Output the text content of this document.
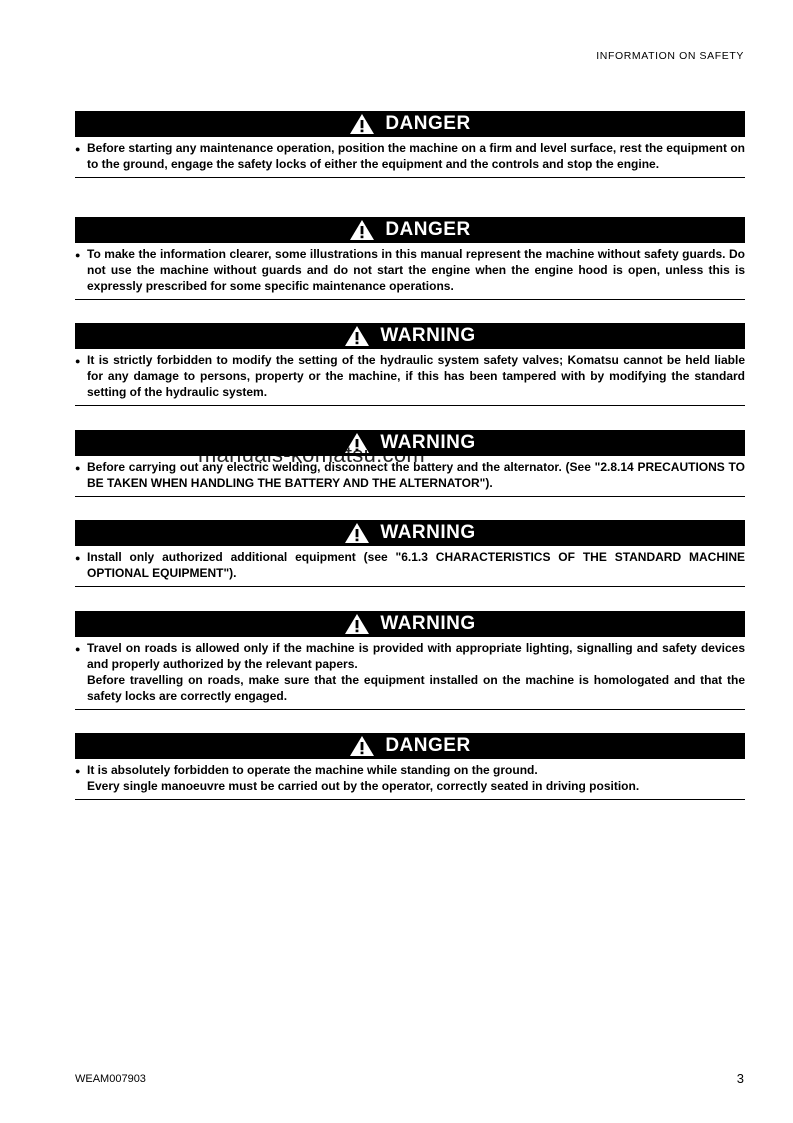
INFORMATION ON SAFETY
DANGER
● Before starting any maintenance operation, position the machine on a firm and level surface, rest the equipment on to the ground, engage the safety locks of either the equipment and the controls and stop the engine.
DANGER
● To make the information clearer, some illustrations in this manual represent the machine without safety guards. Do not use the machine without guards and do not start the engine when the engine hood is open, unless this is expressly prescribed for some specific maintenance operations.
WARNING
● It is strictly forbidden to modify the setting of the hydraulic system safety valves; Komatsu cannot be held liable for any damage to persons, property or the machine, if this has been tampered with by modifying the standard setting of the hydraulic system.
WARNING
● Before carrying out any electric welding, disconnect the battery and the alternator. (See "2.8.14 PRECAUTIONS TO BE TAKEN WHEN HANDLING THE BATTERY AND THE ALTERNATOR").
WARNING
● Install only authorized additional equipment (see "6.1.3 CHARACTERISTICS OF THE STANDARD MACHINE OPTIONAL EQUIPMENT").
WARNING
● Travel on roads is allowed only if the machine is provided with appropriate lighting, signalling and safety devices and properly authorized by the relevant papers.
Before travelling on roads, make sure that the equipment installed on the machine is homologated and that the safety locks are correctly engaged.
DANGER
● It is absolutely forbidden to operate the machine while standing on the ground.
Every single manoeuvre must be carried out by the operator, correctly seated in driving position.
manuals-komatsu.com
WEAM007903	3
